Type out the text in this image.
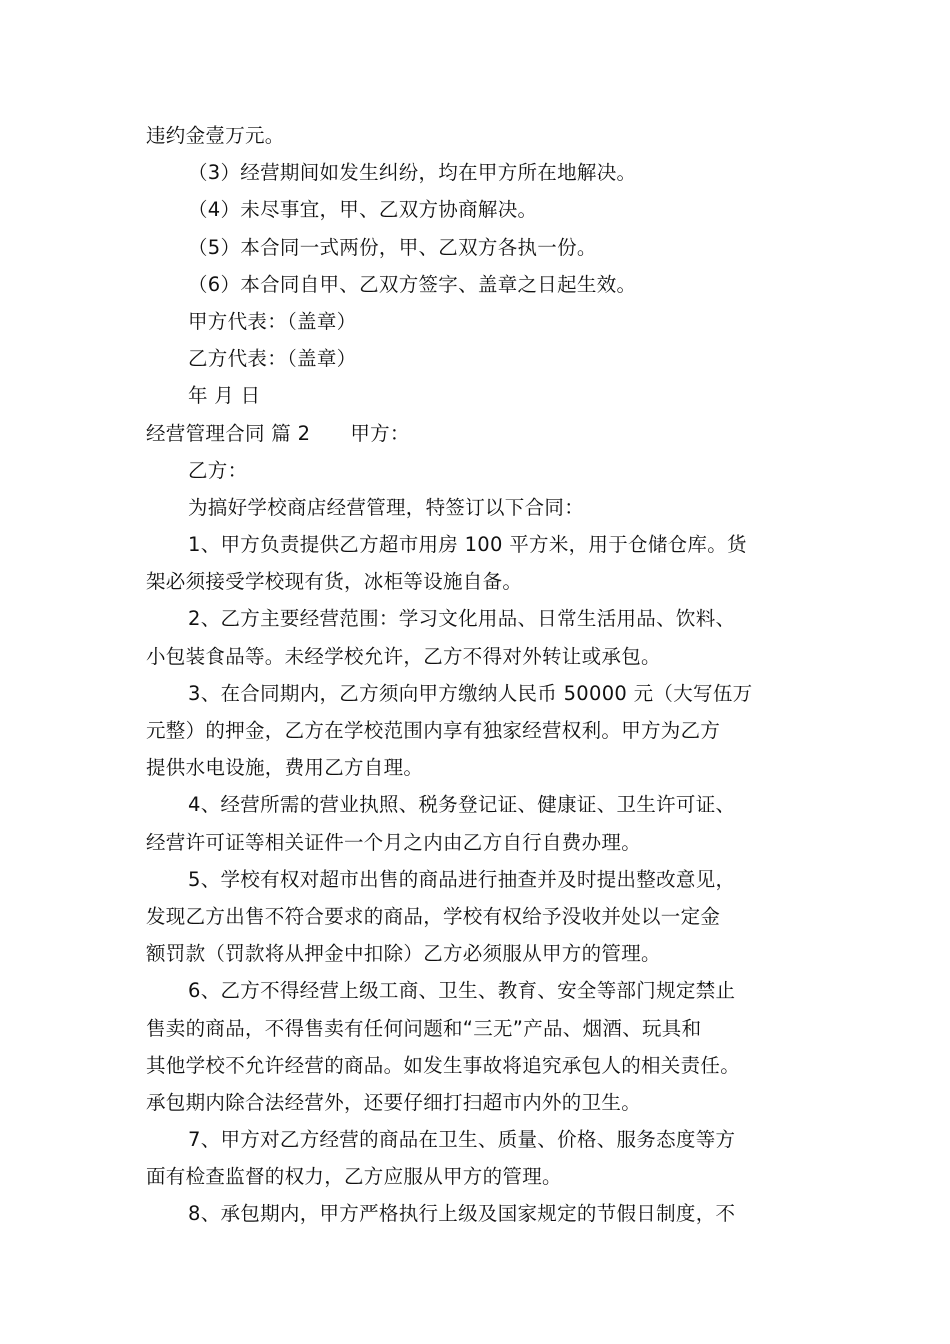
违约金壹万元。
（3）经营期间如发生纠纷，均在甲方所在地解决。
（4）未尽事宜，甲、乙双方协商解决。
（5）本合同一式两份，甲、乙双方各执一份。
（6）本合同自甲、乙双方签字、盖章之日起生效。
甲方代表：（盖章）
乙方代表：（盖章）
年 月 日
经营管理合同 篇 2 甲方：
乙方：
为搞好学校商店经营管理，特签订以下合同：
1、甲方负责提供乙方超市用房 100 平方米，用于仓储仓库。货
架必须接受学校现有货，冰柜等设施自备。
2、乙方主要经营范围：学习文化用品、日常生活用品、饮料、
小包装食品等。未经学校允许，乙方不得对外转让或承包。
3、在合同期内，乙方须向甲方缴纳人民币 50000 元（大写伍万
元整）的押金，乙方在学校范围内享有独家经营权利。甲方为乙方
提供水电设施，费用乙方自理。
4、经营所需的营业执照、税务登记证、健康证、卫生许可证、
经营许可证等相关证件一个月之内由乙方自行自费办理。
5、学校有权对超市出售的商品进行抽查并及时提出整改意见，
发现乙方出售不符合要求的商品，学校有权给予没收并处以一定金
额罚款（罚款将从押金中扣除）乙方必须服从甲方的管理。
6、乙方不得经营上级工商、卫生、教育、安全等部门规定禁止
售卖的商品，不得售卖有任何问题和“三无”产品、烟酒、玩具和
其他学校不允许经营的商品。如发生事故将追究承包人的相关责任。
承包期内除合法经营外，还要仔细打扫超市内外的卫生。
7、甲方对乙方经营的商品在卫生、质量、价格、服务态度等方
面有检查监督的权力，乙方应服从甲方的管理。
8、承包期内，甲方严格执行上级及国家规定的节假日制度，不
